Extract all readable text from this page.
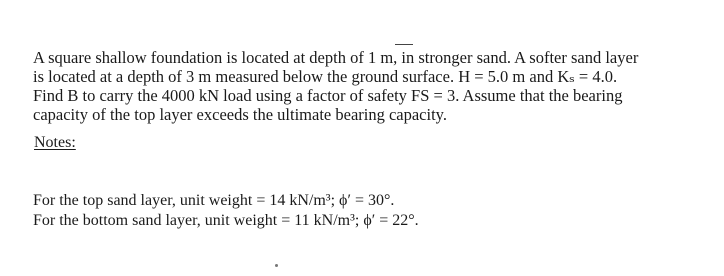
A square shallow foundation is located at depth of 1 m, in stronger sand. A softer sand layer
is located at a depth of 3 m measured below the ground surface. H = 5.0 m and Kₛ = 4.0.
Find B to carry the 4000 kN load using a factor of safety FS = 3. Assume that the bearing
capacity of the top layer exceeds the ultimate bearing capacity.
Notes:
For the top sand layer, unit weight = 14 kN/m³; ϕ′ = 30°.
For the bottom sand layer, unit weight = 11 kN/m³; ϕ′ = 22°.
